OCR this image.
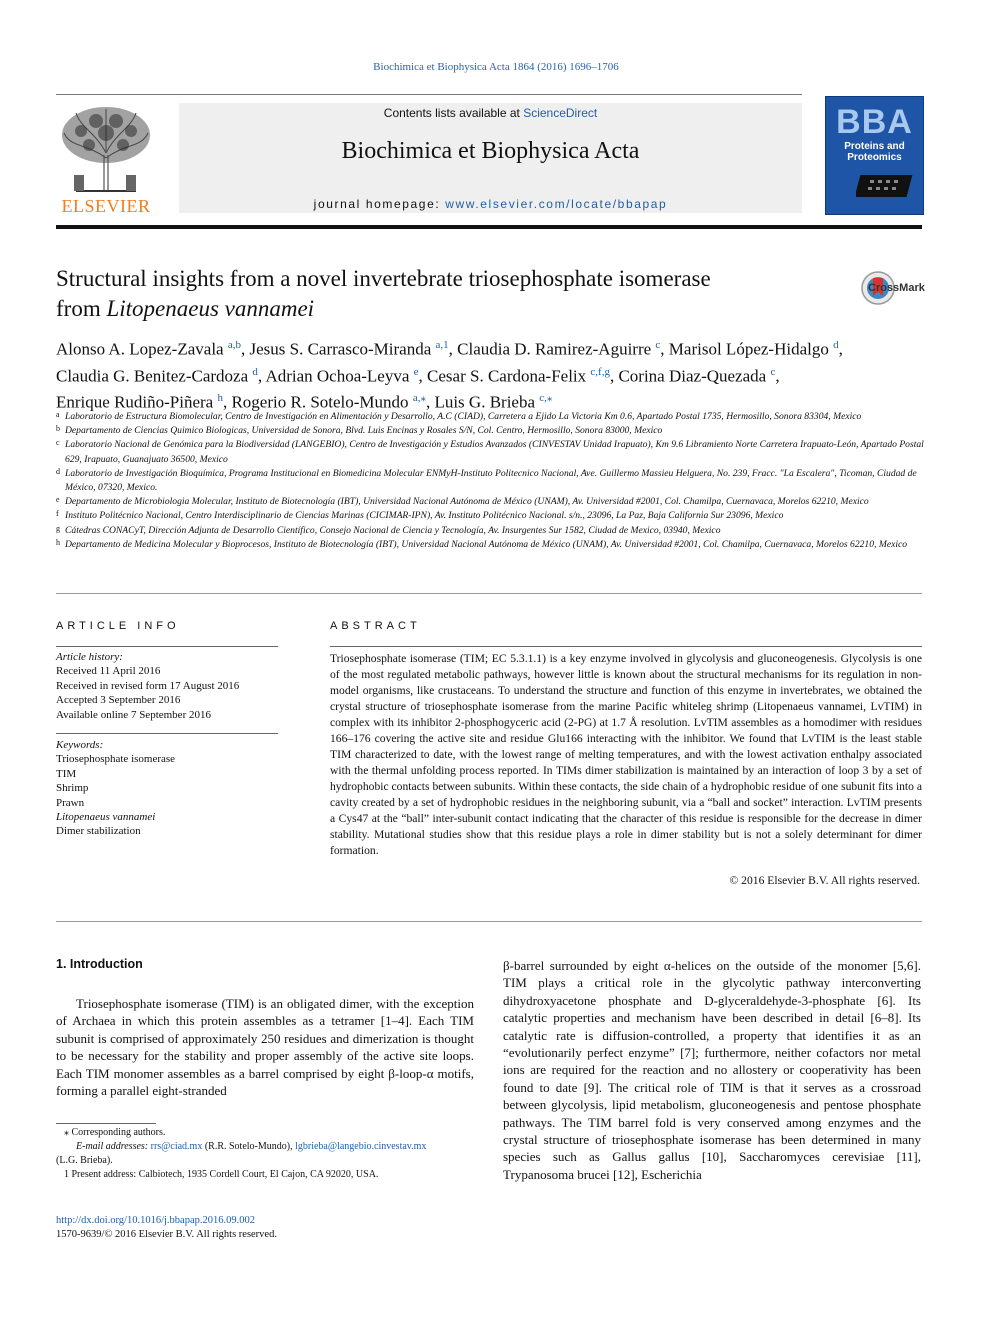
Biochimica et Biophysica Acta 1864 (2016) 1696–1706
ELSEVIER
Contents lists available at ScienceDirect
Biochimica et Biophysica Acta
journal homepage: www.elsevier.com/locate/bbapap
BBA
Proteins and
Proteomics
Structural insights from a novel invertebrate triosephosphate isomerase
from Litopenaeus vannamei
CrossMark
Alonso A. Lopez-Zavala $^{a,b}$, Jesus S. Carrasco-Miranda $^{a,1}$, Claudia D. Ramirez-Aguirre $^c$, Marisol López-Hidalgo $^d$,
Claudia G. Benitez-Cardoza $^d$, Adrian Ochoa-Leyva $^e$, Cesar S. Cardona-Felix $^{c,f,g}$, Corina Diaz-Quezada $^c$,
Enrique Rudiño-Piñera $^h$, Rogerio R. Sotelo-Mundo $^{a,⁎}$, Luis G. Brieba $^{c,⁎}$
a Laboratorio de Estructura Biomolecular, Centro de Investigación en Alimentación y Desarrollo, A.C (CIAD), Carretera a Ejido La Victoria Km 0.6, Apartado Postal 1735, Hermosillo, Sonora 83304, Mexico
b Departamento de Ciencias Quimico Biologicas, Universidad de Sonora, Blvd. Luis Encinas y Rosales S/N, Col. Centro, Hermosillo, Sonora 83000, Mexico
c Laboratorio Nacional de Genómica para la Biodiversidad (LANGEBIO), Centro de Investigación y Estudios Avanzados (CINVESTAV Unidad Irapuato), Km 9.6 Libramiento Norte Carretera Irapuato-León, Apartado Postal 629, Irapuato, Guanajuato 36500, Mexico
d Laboratorio de Investigación Bioquímica, Programa Institucional en Biomedicina Molecular ENMyH-Instituto Politecnico Nacional, Ave. Guillermo Massieu Helguera, No. 239, Fracc. "La Escalera", Ticoman, Ciudad de México, 07320, Mexico.
e Departamento de Microbiologia Molecular, Instituto de Biotecnología (IBT), Universidad Nacional Autónoma de México (UNAM), Av. Universidad #2001, Col. Chamilpa, Cuernavaca, Morelos 62210, Mexico
f Instituto Politécnico Nacional, Centro Interdisciplinario de Ciencias Marinas (CICIMAR-IPN), Av. Instituto Politécnico Nacional. s/n., 23096, La Paz, Baja California Sur 23096, Mexico
g Cátedras CONACyT, Dirección Adjunta de Desarrollo Científico, Consejo Nacional de Ciencia y Tecnología, Av. Insurgentes Sur 1582, Ciudad de Mexico, 03940, Mexico
h Departamento de Medicina Molecular y Bioprocesos, Instituto de Biotecnología (IBT), Universidad Nacional Autónoma de México (UNAM), Av. Universidad #2001, Col. Chamilpa, Cuernavaca, Morelos 62210, Mexico
ARTICLE INFO
Article history:
Received 11 April 2016
Received in revised form 17 August 2016
Accepted 3 September 2016
Available online 7 September 2016
Keywords:
Triosephosphate isomerase
TIM
Shrimp
Prawn
Litopenaeus vannamei
Dimer stabilization
ABSTRACT
Triosephosphate isomerase (TIM; EC 5.3.1.1) is a key enzyme involved in glycolysis and gluconeogenesis. Glycolysis is one of the most regulated metabolic pathways, however little is known about the structural mechanisms for its regulation in non-model organisms, like crustaceans. To understand the structure and function of this enzyme in invertebrates, we obtained the crystal structure of triosephosphate isomerase from the marine Pacific whiteleg shrimp (Litopenaeus vannamei, LvTIM) in complex with its inhibitor 2-phosphogyceric acid (2-PG) at 1.7 Å resolution. LvTIM assembles as a homodimer with residues 166–176 covering the active site and residue Glu166 interacting with the inhibitor. We found that LvTIM is the least stable TIM characterized to date, with the lowest range of melting temperatures, and with the lowest activation enthalpy associated with the thermal unfolding process reported. In TIMs dimer stabilization is maintained by an interaction of loop 3 by a set of hydrophobic contacts between subunits. Within these contacts, the side chain of a hydrophobic residue of one subunit fits into a cavity created by a set of hydrophobic residues in the neighboring subunit, via a “ball and socket” interaction. LvTIM presents a Cys47 at the “ball” inter-subunit contact indicating that the character of this residue is responsible for the decrease in dimer stability. Mutational studies show that this residue plays a role in dimer stability but is not a solely determinant for dimer formation.
© 2016 Elsevier B.V. All rights reserved.
1. Introduction
Triosephosphate isomerase (TIM) is an obligated dimer, with the exception of Archaea in which this protein assembles as a tetramer [1–4]. Each TIM subunit is comprised of approximately 250 residues and dimerization is thought to be necessary for the stability and proper assembly of the active site loops. Each TIM monomer assembles as a barrel comprised by eight β-loop-α motifs, forming a parallel eight-stranded
β-barrel surrounded by eight α-helices on the outside of the monomer [5,6]. TIM plays a critical role in the glycolytic pathway interconverting dihydroxyacetone phosphate and D-glyceraldehyde-3-phosphate [6]. Its catalytic properties and mechanism have been described in detail [6–8]. Its catalytic rate is diffusion-controlled, a property that identifies it as an “evolutionarily perfect enzyme” [7]; furthermore, neither cofactors nor metal ions are required for the reaction and no allostery or cooperativity has been found to date [9]. The critical role of TIM is that it serves as a crossroad between glycolysis, lipid metabolism, gluconeogenesis and pentose phosphate pathways. The TIM barrel fold is very conserved among enzymes and the crystal structure of triosephosphate isomerase has been determined in many species such as Gallus gallus [10], Saccharomyces cerevisiae [11], Trypanosoma brucei [12], Escherichia
⁎ Corresponding authors.
E-mail addresses: rrs@ciad.mx (R.R. Sotelo-Mundo), lgbrieba@langebio.cinvestav.mx
(L.G. Brieba).
1 Present address: Calbiotech, 1935 Cordell Court, El Cajon, CA 92020, USA.
http://dx.doi.org/10.1016/j.bbapap.2016.09.002
1570-9639/© 2016 Elsevier B.V. All rights reserved.
